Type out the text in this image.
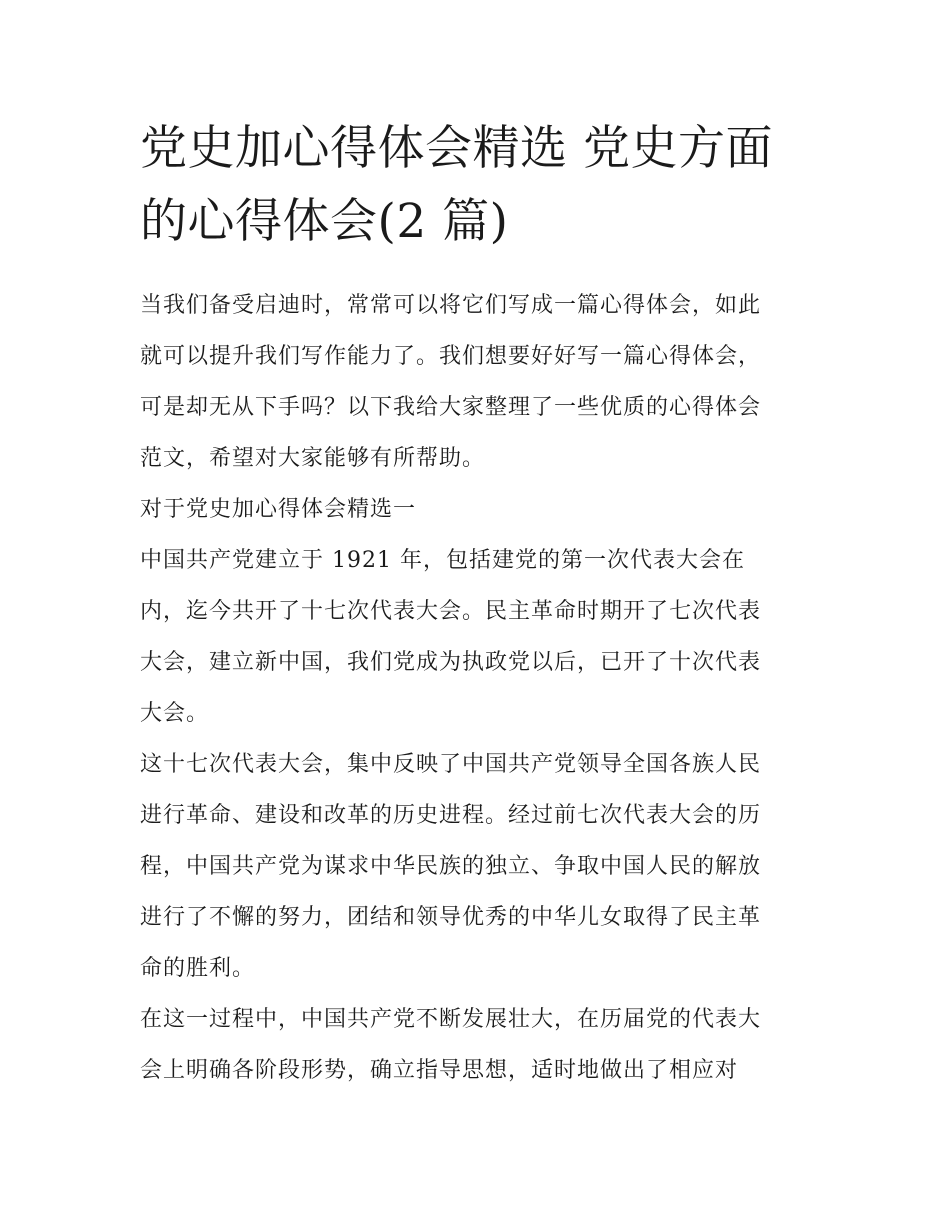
党史加心得体会精选 党史方面
的心得体会(2 篇)

当我们备受启迪时，常常可以将它们写成一篇心得体会，如此
就可以提升我们写作能力了。我们想要好好写一篇心得体会，
可是却无从下手吗？以下我给大家整理了一些优质的心得体会
范文，希望对大家能够有所帮助。

对于党史加心得体会精选一

中国共产党建立于 1921 年，包括建党的第一次代表大会在
内，迄今共开了十七次代表大会。民主革命时期开了七次代表
大会，建立新中国，我们党成为执政党以后，已开了十次代表
大会。

这十七次代表大会，集中反映了中国共产党领导全国各族人民
进行革命、建设和改革的历史进程。经过前七次代表大会的历
程，中国共产党为谋求中华民族的独立、争取中国人民的解放
进行了不懈的努力，团结和领导优秀的中华儿女取得了民主革
命的胜利。

在这一过程中，中国共产党不断发展壮大，在历届党的代表大
会上明确各阶段形势，确立指导思想，适时地做出了相应对
